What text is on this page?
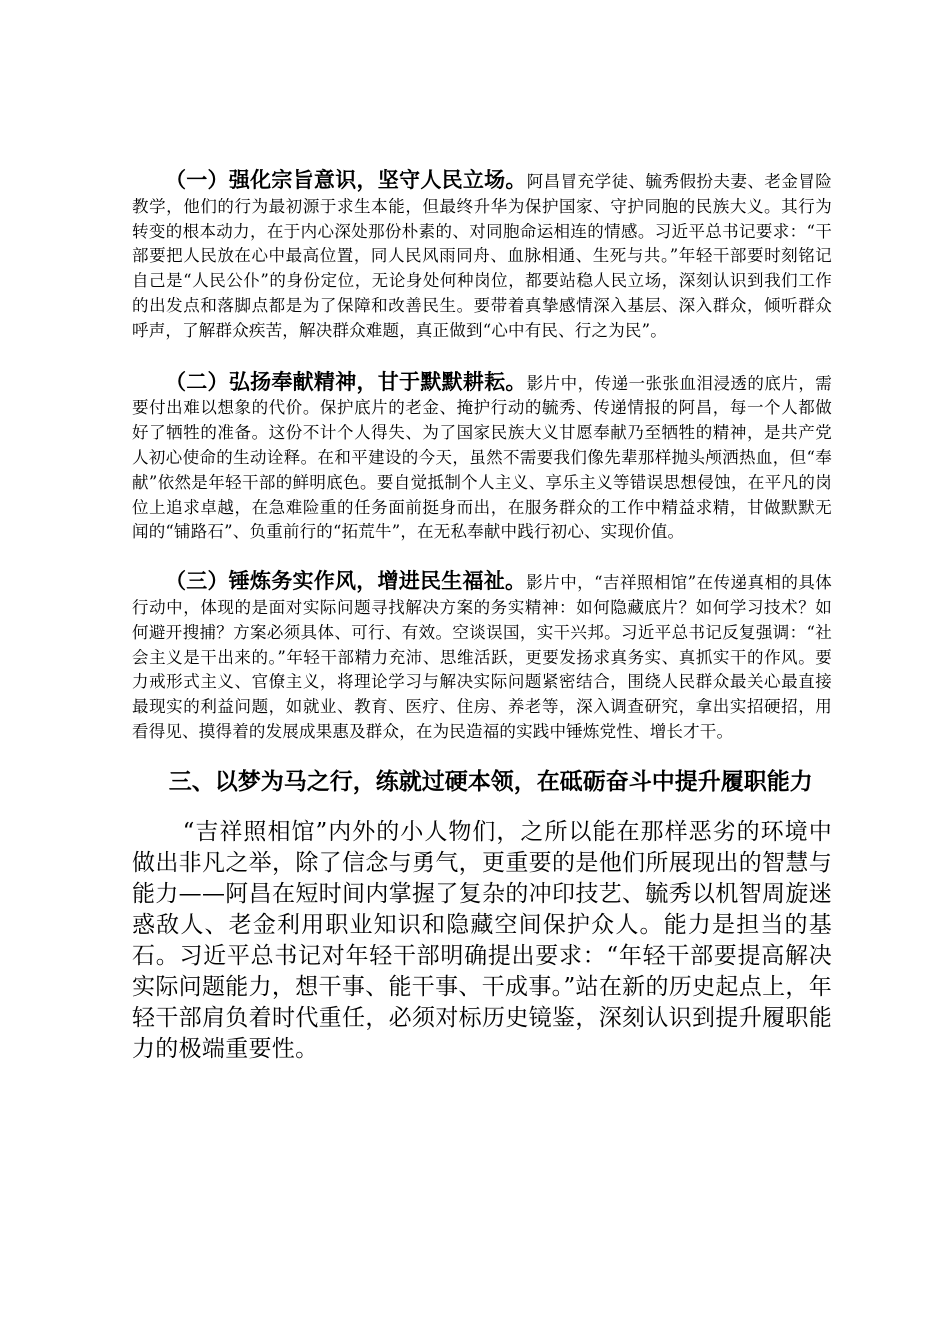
（一）强化宗旨意识，坚守人民立场。阿昌冒充学徒、毓秀假扮夫妻、老金冒险教学，他们的行为最初源于求生本能，但最终升华为保护国家、守护同胞的民族大义。其行为转变的根本动力，在于内心深处那份朴素的、对同胞命运相连的情感。习近平总书记要求：“干部要把人民放在心中最高位置，同人民风雨同舟、血脉相通、生死与共。”年轻干部要时刻铭记自己是“人民公仆”的身份定位，无论身处何种岗位，都要站稳人民立场，深刻认识到我们工作的出发点和落脚点都是为了保障和改善民生。要带着真挚感情深入基层、深入群众，倾听群众呼声，了解群众疾苦，解决群众难题，真正做到“心中有民、行之为民”。

（二）弘扬奉献精神，甘于默默耕耘。影片中，传递一张张血泪浸透的底片，需要付出难以想象的代价。保护底片的老金、掩护行动的毓秀、传递情报的阿昌，每一个人都做好了牺牲的准备。这份不计个人得失、为了国家民族大义甘愿奉献乃至牺牲的精神，是共产党人初心使命的生动诠释。在和平建设的今天，虽然不需要我们像先辈那样抛头颅洒热血，但“奉献”依然是年轻干部的鲜明底色。要自觉抵制个人主义、享乐主义等错误思想侵蚀，在平凡的岗位上追求卓越，在急难险重的任务面前挺身而出，在服务群众的工作中精益求精，甘做默默无闻的“铺路石”、负重前行的“拓荒牛”，在无私奉献中践行初心、实现价值。

（三）锤炼务实作风，增进民生福祉。影片中，“吉祥照相馆”在传递真相的具体行动中，体现的是面对实际问题寻找解决方案的务实精神：如何隐藏底片？如何学习技术？如何避开搜捕？方案必须具体、可行、有效。空谈误国，实干兴邦。习近平总书记反复强调：“社会主义是干出来的。”年轻干部精力充沛、思维活跃，更要发扬求真务实、真抓实干的作风。要力戒形式主义、官僚主义，将理论学习与解决实际问题紧密结合，围绕人民群众最关心最直接最现实的利益问题，如就业、教育、医疗、住房、养老等，深入调查研究，拿出实招硬招，用看得见、摸得着的发展成果惠及群众，在为民造福的实践中锤炼党性、增长才干。

三、以梦为马之行，练就过硬本领，在砥砺奋斗中提升履职能力

“吉祥照相馆”内外的小人物们，之所以能在那样恶劣的环境中做出非凡之举，除了信念与勇气，更重要的是他们所展现出的智慧与能力——阿昌在短时间内掌握了复杂的冲印技艺、毓秀以机智周旋迷惑敌人、老金利用职业知识和隐藏空间保护众人。能力是担当的基石。习近平总书记对年轻干部明确提出要求：“年轻干部要提高解决实际问题能力，想干事、能干事、干成事。”站在新的历史起点上，年轻干部肩负着时代重任，必须对标历史镜鉴，深刻认识到提升履职能力的极端重要性。
